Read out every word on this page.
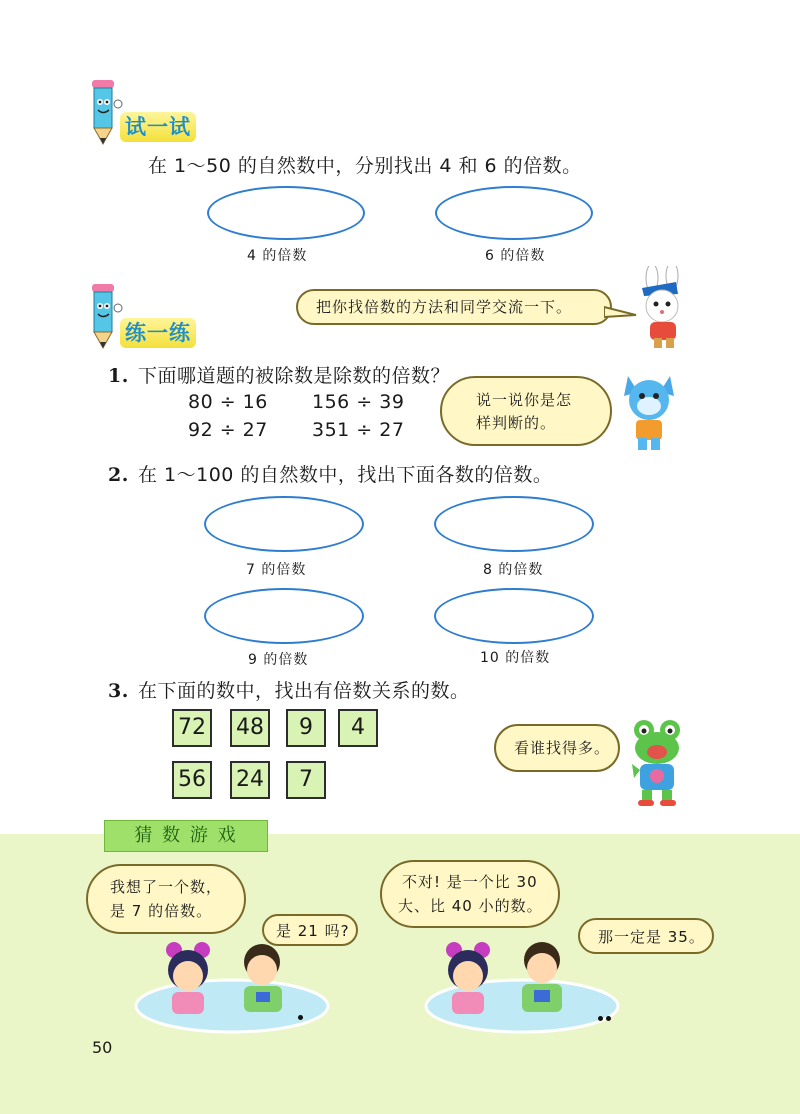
试一试
在 1～50 的自然数中，分别找出 4 和 6 的倍数。
4 的倍数	6 的倍数
把你找倍数的方法和同学交流一下。
练一练
1. 下面哪道题的被除数是除数的倍数？
80 ÷ 16 156 ÷ 39
92 ÷ 27 351 ÷ 27
说一说你是怎
样判断的。
2. 在 1～100 的自然数中，找出下面各数的倍数。
7 的倍数	8 的倍数
9 的倍数	10 的倍数
3. 在下面的数中，找出有倍数关系的数。
72 48	9	4
56 24	7
看谁找得多。
猜 数 游 戏
我想了一个数，
是 7 的倍数。
是 21 吗?
不对! 是一个比 30
大、比 40 小的数。
那一定是 35。
50
